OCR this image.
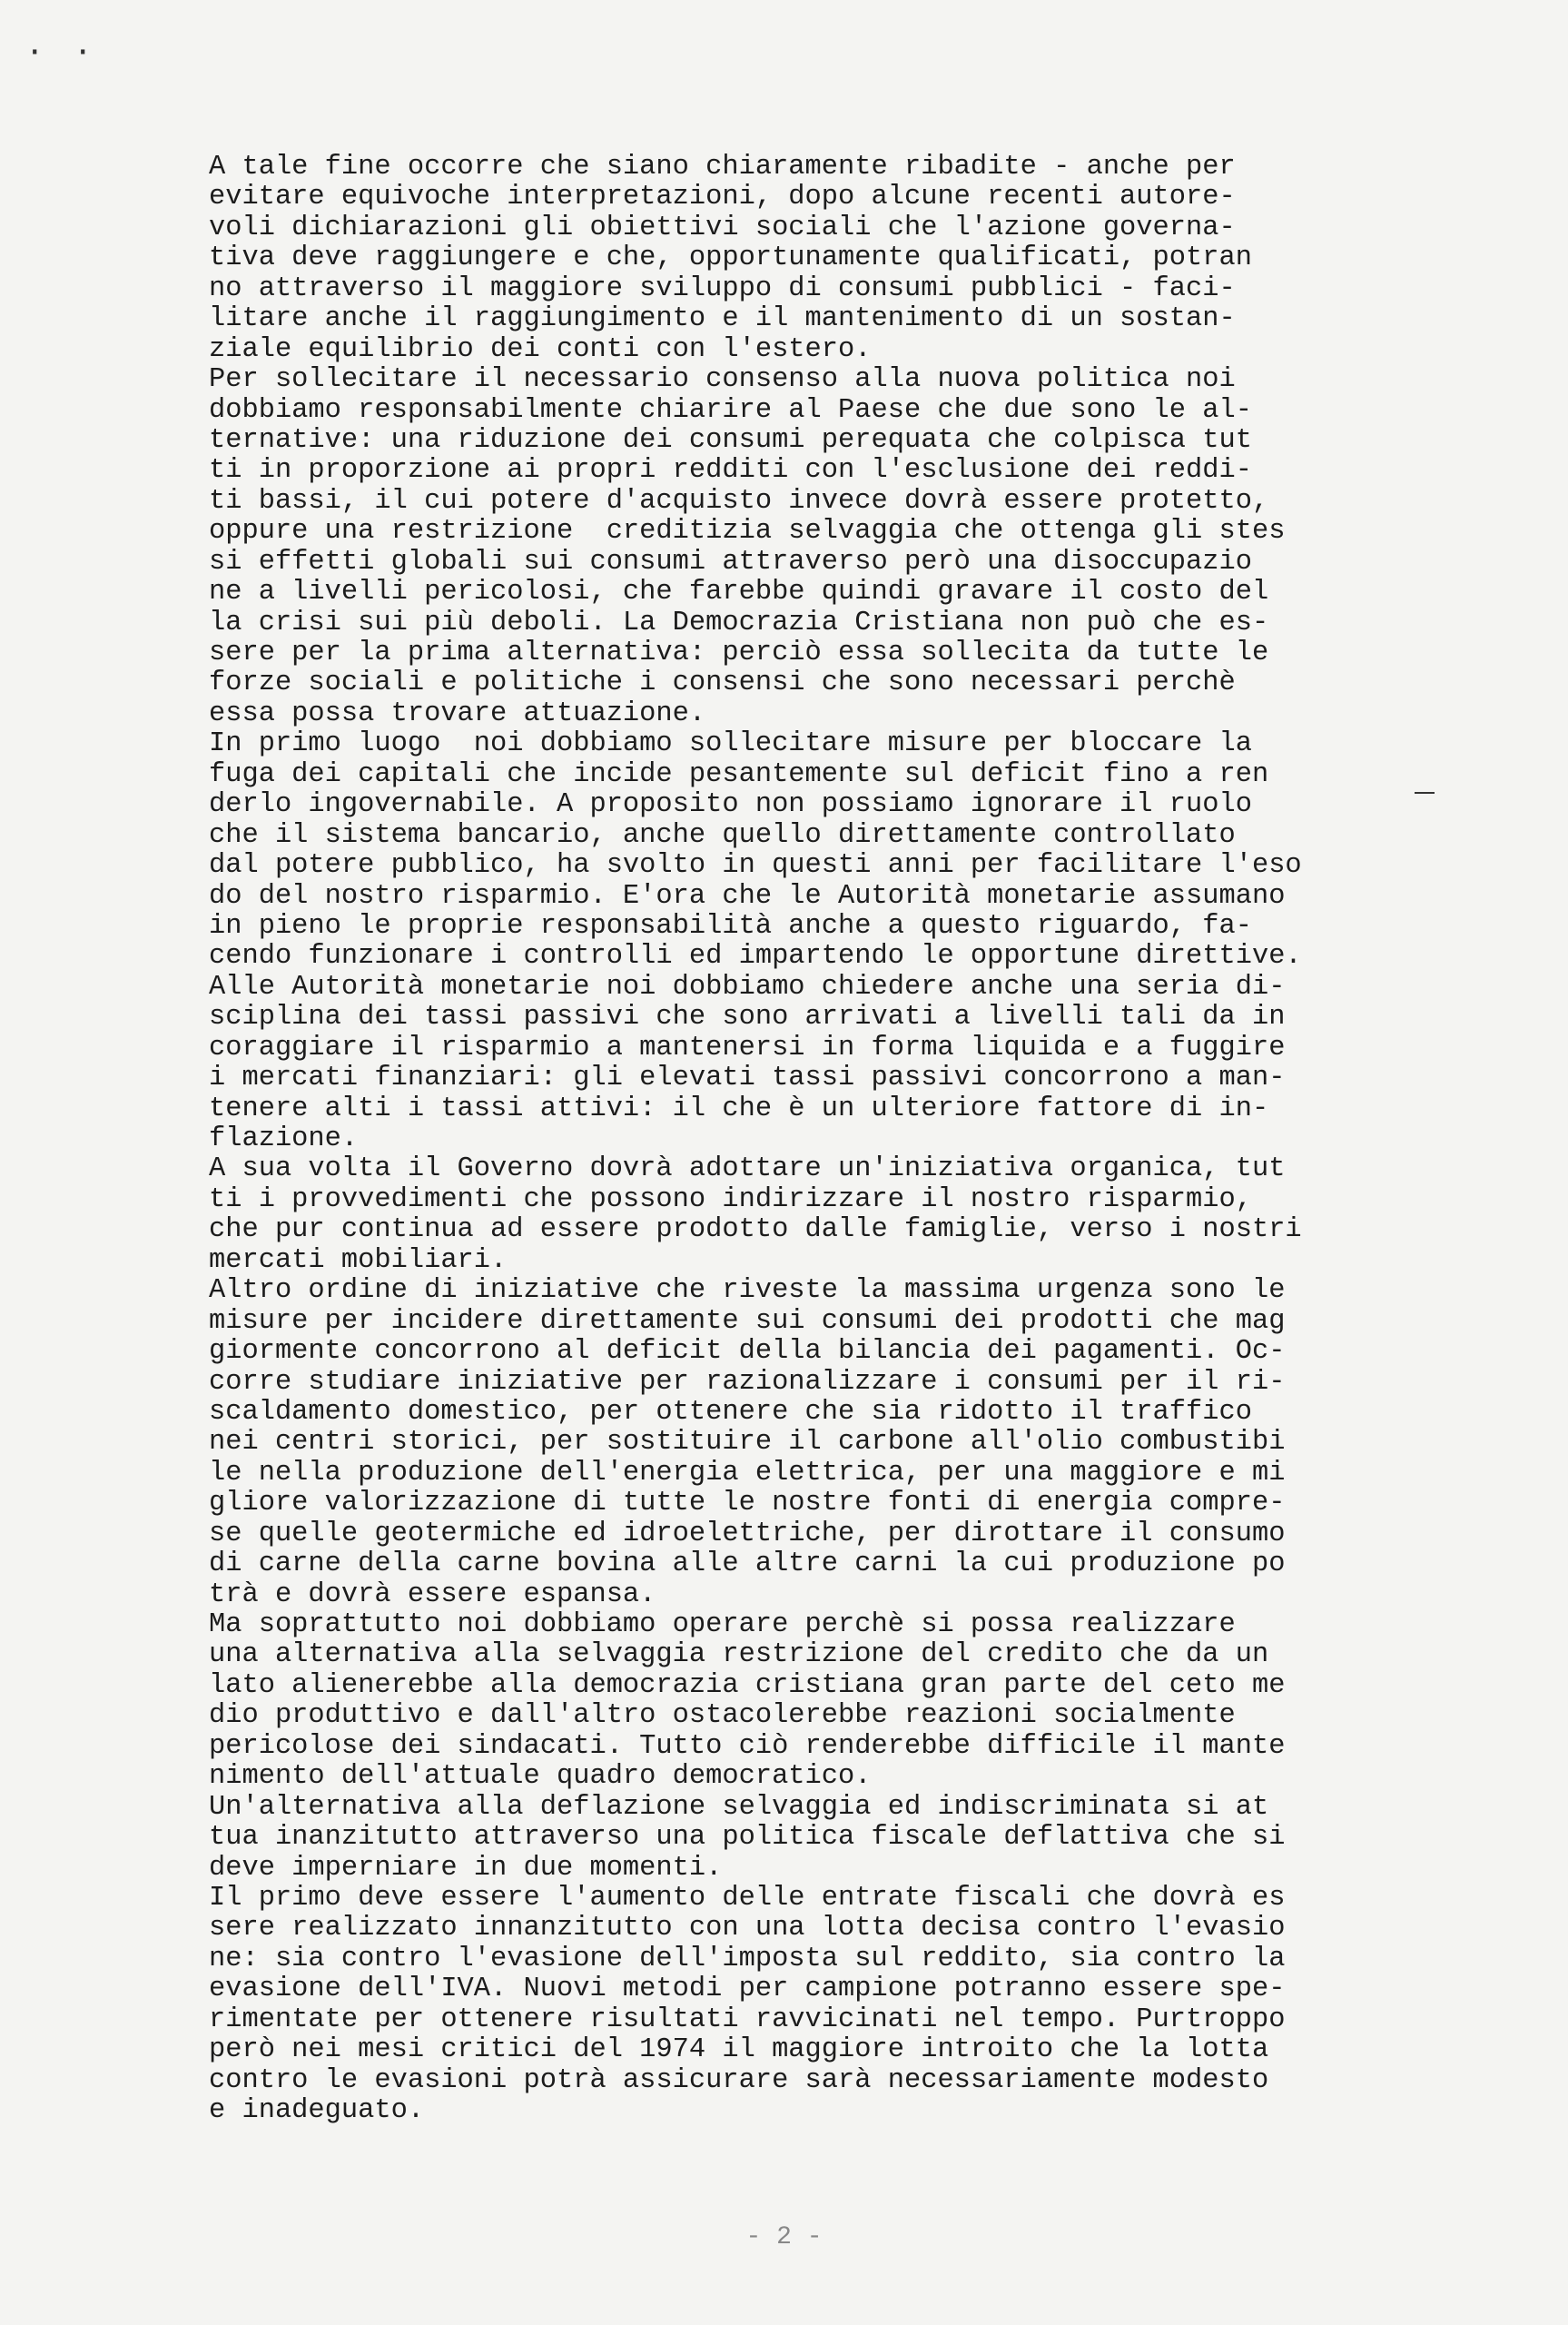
· ·
A tale fine occorre che siano chiaramente ribadite - anche per
evitare equivoche interpretazioni, dopo alcune recenti autore-
voli dichiarazioni gli obiettivi sociali che l'azione governa-
tiva deve raggiungere e che, opportunamente qualificati, potran
no attraverso il maggiore sviluppo di consumi pubblici - faci-
litare anche il raggiungimento e il mantenimento di un sostan-
ziale equilibrio dei conti con l'estero.
Per sollecitare il necessario consenso alla nuova politica noi
dobbiamo responsabilmente chiarire al Paese che due sono le al-
ternative: una riduzione dei consumi perequata che colpisca tut
ti in proporzione ai propri redditi con l'esclusione dei reddi-
ti bassi, il cui potere d'acquisto invece dovrà essere protetto,
oppure una restrizione  creditizia selvaggia che ottenga gli stes
si effetti globali sui consumi attraverso però una disoccupazio
ne a livelli pericolosi, che farebbe quindi gravare il costo del
la crisi sui più deboli. La Democrazia Cristiana non può che es-
sere per la prima alternativa: perciò essa sollecita da tutte le
forze sociali e politiche i consensi che sono necessari perchè
essa possa trovare attuazione.
In primo luogo  noi dobbiamo sollecitare misure per bloccare la
fuga dei capitali che incide pesantemente sul deficit fino a ren
derlo ingovernabile. A proposito non possiamo ignorare il ruolo
che il sistema bancario, anche quello direttamente controllato
dal potere pubblico, ha svolto in questi anni per facilitare l'eso
do del nostro risparmio. E'ora che le Autorità monetarie assumano
in pieno le proprie responsabilità anche a questo riguardo, fa-
cendo funzionare i controlli ed impartendo le opportune direttive.
Alle Autorità monetarie noi dobbiamo chiedere anche una seria di-
sciplina dei tassi passivi che sono arrivati a livelli tali da in
coraggiare il risparmio a mantenersi in forma liquida e a fuggire
i mercati finanziari: gli elevati tassi passivi concorrono a man-
tenere alti i tassi attivi: il che è un ulteriore fattore di in-
flazione.
A sua volta il Governo dovrà adottare un'iniziativa organica, tut
ti i provvedimenti che possono indirizzare il nostro risparmio,
che pur continua ad essere prodotto dalle famiglie, verso i nostri
mercati mobiliari.
Altro ordine di iniziative che riveste la massima urgenza sono le
misure per incidere direttamente sui consumi dei prodotti che mag
giormente concorrono al deficit della bilancia dei pagamenti. Oc-
corre studiare iniziative per razionalizzare i consumi per il ri-
scaldamento domestico, per ottenere che sia ridotto il traffico
nei centri storici, per sostituire il carbone all'olio combustibi
le nella produzione dell'energia elettrica, per una maggiore e mi
gliore valorizzazione di tutte le nostre fonti di energia compre-
se quelle geotermiche ed idroelettriche, per dirottare il consumo
di carne della carne bovina alle altre carni la cui produzione po
trà e dovrà essere espansa.
Ma soprattutto noi dobbiamo operare perchè si possa realizzare
una alternativa alla selvaggia restrizione del credito che da un
lato alienerebbe alla democrazia cristiana gran parte del ceto me
dio produttivo e dall'altro ostacolerebbe reazioni socialmente
pericolose dei sindacati. Tutto ciò renderebbe difficile il mante
nimento dell'attuale quadro democratico.
Un'alternativa alla deflazione selvaggia ed indiscriminata si at
tua inanzitutto attraverso una politica fiscale deflattiva che si
deve imperniare in due momenti.
Il primo deve essere l'aumento delle entrate fiscali che dovrà es
sere realizzato innanzitutto con una lotta decisa contro l'evasio
ne: sia contro l'evasione dell'imposta sul reddito, sia contro la
evasione dell'IVA. Nuovi metodi per campione potranno essere spe-
rimentate per ottenere risultati ravvicinati nel tempo. Purtroppo
però nei mesi critici del 1974 il maggiore introito che la lotta
contro le evasioni potrà assicurare sarà necessariamente modesto
e inadeguato.
- 2 -
